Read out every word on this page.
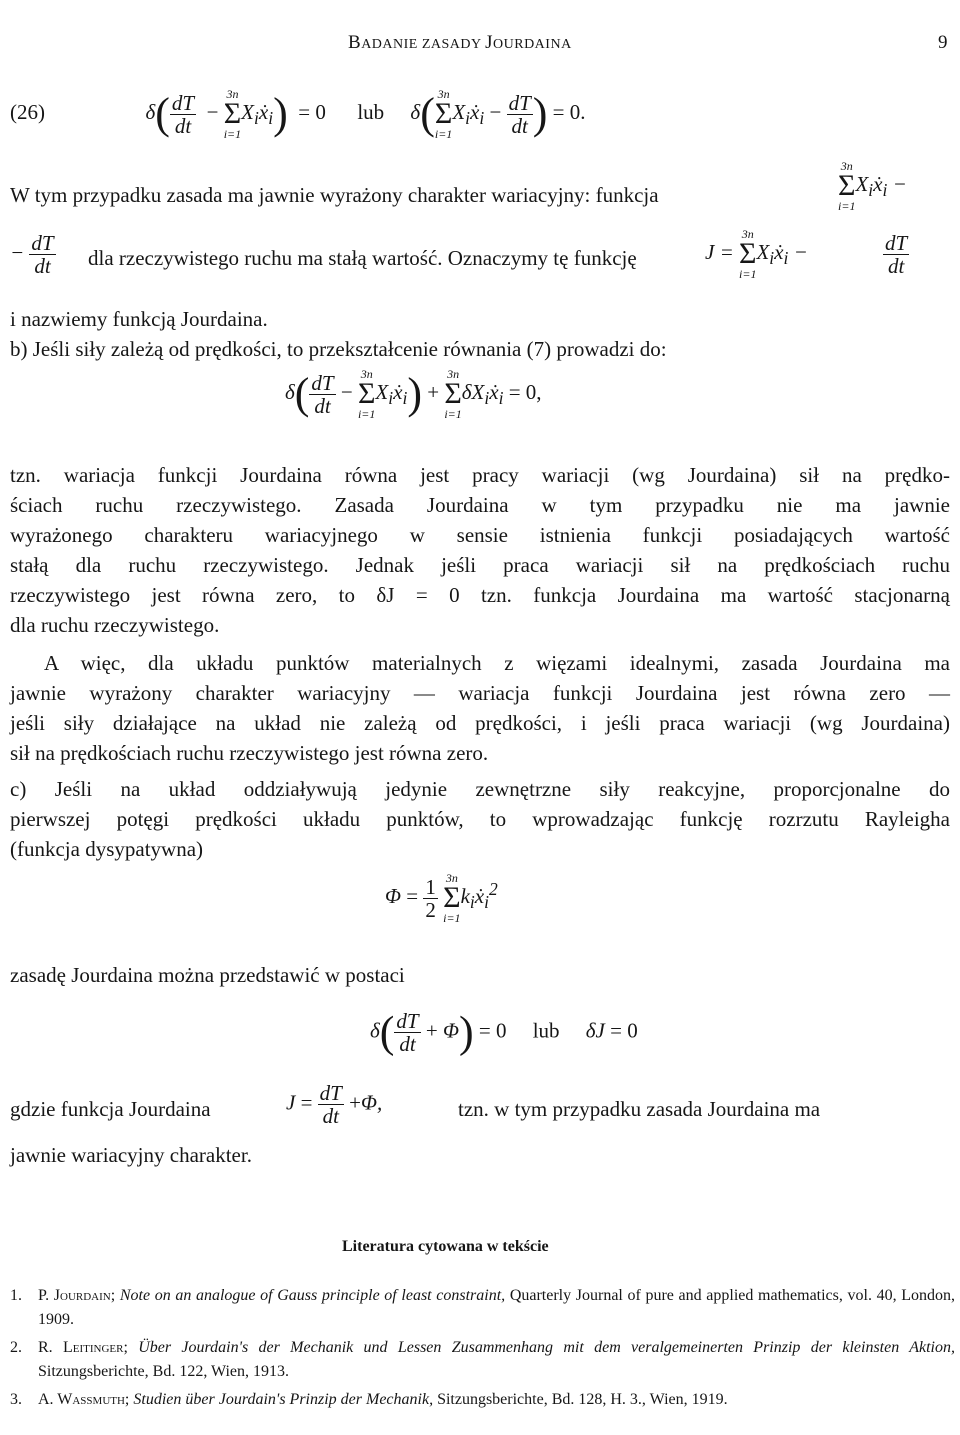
BADANIE ZASADY JOURDAINA	9
(26)	$\delta( \frac{dT}{dt}$ −
3n
Σ
i=1
$X_iẋ_i) = 0$      lub δ( 3n
Σ
i=1
$X_iẋ_i - \frac{dT}{dt}$ ) = 0.
W tym przypadku zasada ma jawnie wyrażony charakter wariacyjny: funkcja
3n
Σ
i=1
$X_iẋ_i$ −
− $\frac{dT}{dt}$ dla rzeczywistego ruchu ma stałą wartość. Oznaczymy tę funkcję	J =
3n
Σ
i=1
$X_iẋ_i$ −	$\frac{dT}{dt}$
i nazwiemy funkcją Jourdaina.
b) Jeśli siły zależą od prędkości, to przekształcenie równania (7) prowadzi do:
$\delta( \frac{dT}{dt}$ −
3n
Σ
i=1
$X_iẋ_i$) +
3n
Σ
i=1
$\delta X_iẋ_i = 0$,
tzn. wariacja funkcji Jourdaina równa jest pracy wariacji (wg Jourdaina) sił na prędko-
ściach ruchu rzeczywistego. Zasada Jourdaina w tym przypadku nie ma jawnie
wyrażonego charakteru wariacyjnego w sensie istnienia funkcji posiadających wartość
stałą dla ruchu rzeczywistego. Jednak jeśli praca wariacji sił na prędkościach ruchu
rzeczywistego jest równa zero, to δJ = 0 tzn. funkcja Jourdaina ma wartość stacjonarną
dla ruchu rzeczywistego.
A więc, dla układu punktów materialnych z więzami idealnymi, zasada Jourdaina ma
jawnie wyrażony charakter wariacyjny — wariacja funkcji Jourdaina jest równa zero —
jeśli siły działające na układ nie zależą od prędkości, i jeśli praca wariacji (wg Jourdaina)
sił na prędkościach ruchu rzeczywistego jest równa zero.
c) Jeśli na układ oddziaływują jedynie zewnętrzne siły reakcyjne, proporcjonalne do
pierwszej potęgi prędkości układu punktów, to wprowadzając funkcję rozrzutu Rayleigha
(funkcja dysypatywna)
$\Phi = \frac{1}{2}$
3n
Σ
i=1
$k_iẋ_i^2$
zasadę Jourdaina można przedstawić w postaci
$\delta( \frac{dT}{dt} + \Phi) = 0$     lub δJ = 0
gdzie funkcja Jourdaina	$J = \frac{dT}{dt} +\Phi$,	tzn. w tym przypadku zasada Jourdaina ma
jawnie wariacyjny charakter.
Literatura cytowana w tekście
1.	P. Jourdain; Note on an analogue of Gauss principle of least constraint, Quarterly Journal of pure and applied mathematics, vol. 40, London, 1909.
2.	R. Leitinger; Über Jourdain's der Mechanik und Lessen Zusammenhang mit dem veralgemeinerten Prinzip der kleinsten Aktion, Sitzungsberichte, Bd. 122, Wien, 1913.
3.	A. Wassmuth; Studien über Jourdain's Prinzip der Mechanik, Sitzungsberichte, Bd. 128, H. 3., Wien, 1919.
